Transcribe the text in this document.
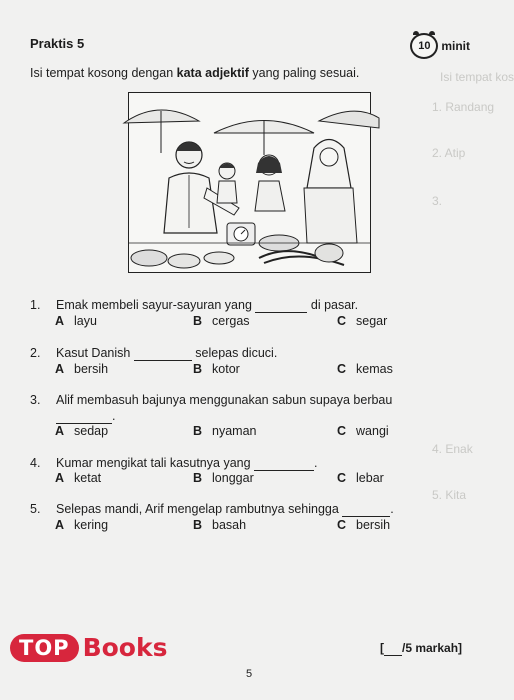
Isi tempat kos
1. Randang
2. Atip
3.
4. Enak
5. Kita
Praktis 5	10 minit
Isi tempat kosong dengan kata adjektif yang paling sesuai.
1. Emak membeli sayur-sayuran yang	di pasar.
A layu	B cergas	C segar
2. Kasut Danish	selepas dicuci.
A bersih	B kotor	C kemas
3. Alif membasuh bajunya menggunakan sabun supaya berbau
.
A sedap	B nyaman	C wangi
4. Kumar mengikat tali kasutnya yang	.
A ketat	B longgar	C lebar
5. Selepas mandi, Arif mengelap rambutnya sehingga	.
A kering	B basah	C bersih
TOP Books	[ /5 markah]
5
